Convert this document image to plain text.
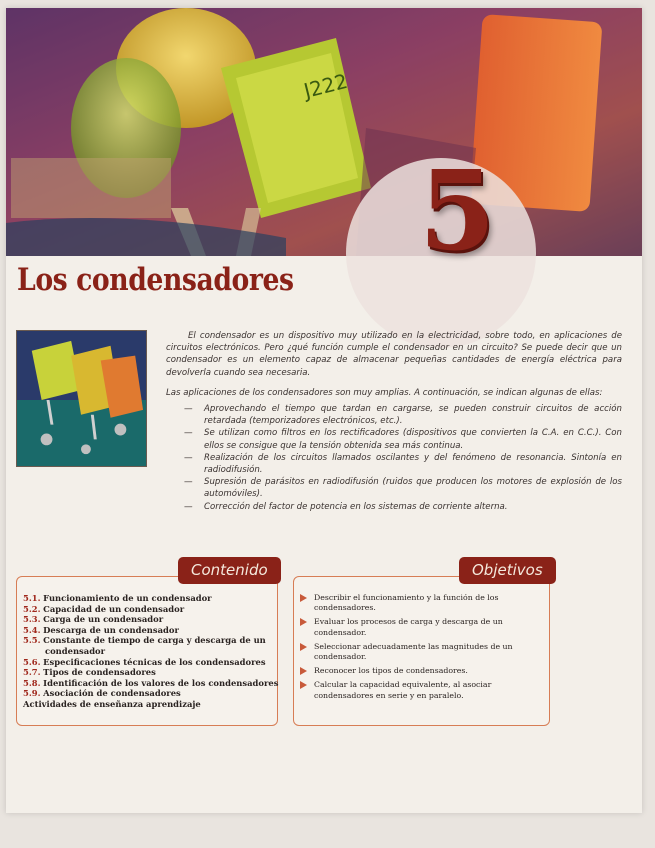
J222
5
Los condensadores

El condensador es un dispositivo muy utilizado en la electricidad, sobre todo, en aplicaciones de circuitos electrónicos. Pero ¿qué función cumple el condensador en un circuito? Se puede decir que un condensador es un elemento capaz de almacenar pequeñas cantidades de energía eléctrica para devolverla cuando sea necesaria.

Las aplicaciones de los condensadores son muy amplias. A continuación, se indican algunas de ellas:

— Aprovechando el tiempo que tardan en cargarse, se pueden construir circuitos de acción retardada (temporizadores electrónicos, etc.).
— Se utilizan como filtros en los rectificadores (dispositivos que convierten la C.A. en C.C.). Con ellos se consigue que la tensión obtenida sea más continua.
— Realización de los circuitos llamados oscilantes y del fenómeno de resonancia. Sintonía en radiodifusión.
— Supresión de parásitos en radiodifusión (ruidos que producen los motores de explosión de los automóviles).
— Corrección del factor de potencia en los sistemas de corriente alterna.
Contenido
5.1. Funcionamiento de un condensador
5.2. Capacidad de un condensador
5.3. Carga de un condensador
5.4. Descarga de un condensador
5.5. Constante de tiempo de carga y descarga de un
condensador
5.6. Especificaciones técnicas de los condensadores
5.7. Tipos de condensadores
5.8. Identificación de los valores de los condensadores
5.9. Asociación de condensadores
Actividades de enseñanza aprendizaje
Objetivos
Describir el funcionamiento y la función de los condensadores.
Evaluar los procesos de carga y descarga de un condensador.
Seleccionar adecuadamente las magnitudes de un condensador.
Reconocer los tipos de condensadores.
Calcular la capacidad equivalente, al asociar condensadores en serie y en paralelo.
